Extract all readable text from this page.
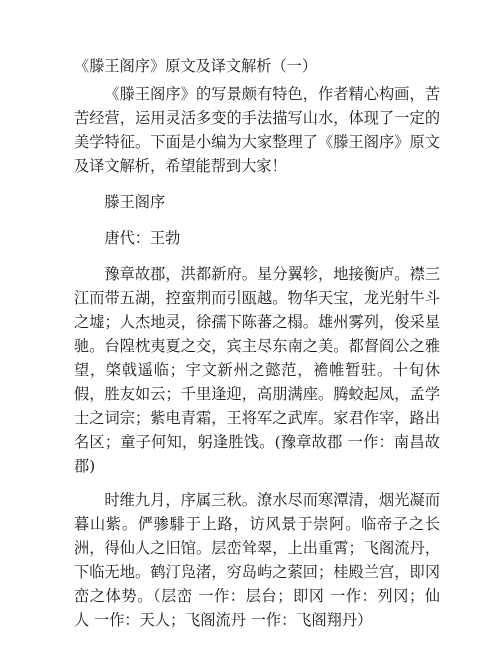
《滕王阁序》原文及译文解析（一）

《滕王阁序》的写景颇有特色，作者精心构画，苦苦经营，运用灵活多变的手法描写山水，体现了一定的美学特征。下面是小编为大家整理了《滕王阁序》原文及译文解析，希望能帮到大家！

滕王阁序

唐代：王勃

豫章故郡，洪都新府。星分翼轸，地接衡庐。襟三江而带五湖，控蛮荆而引瓯越。物华天宝，龙光射牛斗之墟；人杰地灵，徐孺下陈蕃之榻。雄州雾列，俊采星驰。台隍枕夷夏之交，宾主尽东南之美。都督阎公之雅望，棨戟遥临；宇文新州之懿范，襜帷暂驻。十旬休假，胜友如云；千里逢迎，高朋满座。腾蛟起凤，孟学士之词宗；紫电青霜，王将军之武库。家君作宰，路出名区；童子何知，躬逢胜饯。(豫章故郡 一作：南昌故郡)

时维九月，序属三秋。潦水尽而寒潭清，烟光凝而暮山紫。俨骖騑于上路，访风景于崇阿。临帝子之长洲，得仙人之旧馆。层峦耸翠，上出重霄；飞阁流丹，下临无地。鹤汀凫渚，穷岛屿之萦回；桂殿兰宫，即冈峦之体势。（层峦 一作：层台；即冈 一作：列冈；仙人 一作：天人；飞阁流丹 一作：飞阁翔丹）
